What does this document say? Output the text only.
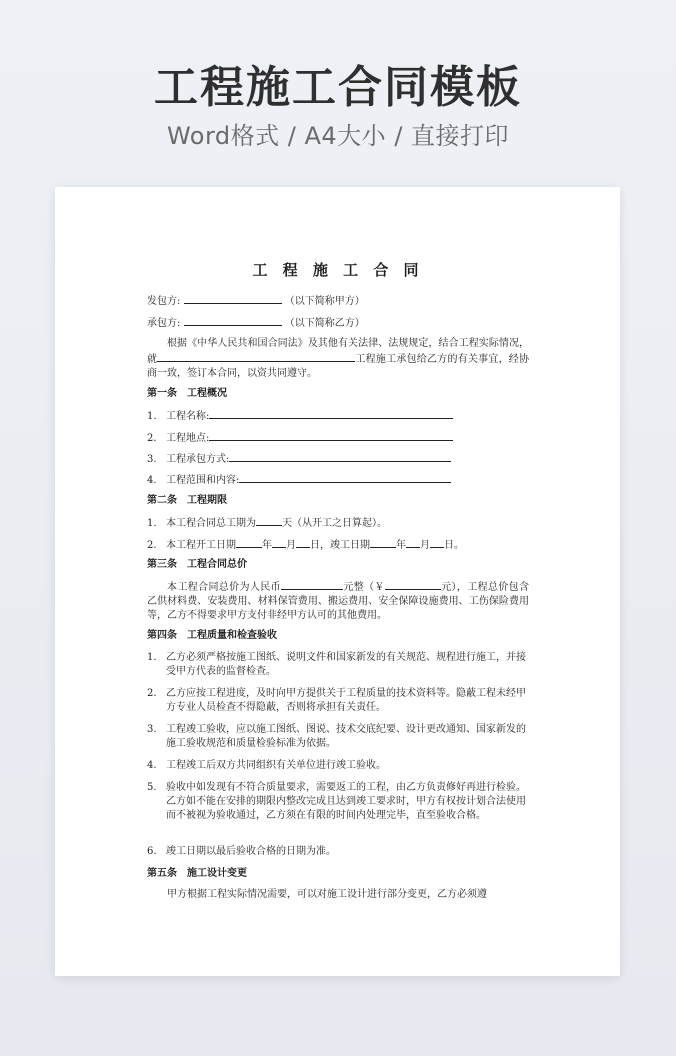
工程施工合同模板
Word格式 / A4大小 / 直接打印
工 程 施 工 合 同
发包方:	（以下简称甲方）
承包方:	（以下简称乙方）
根据《中华人民共和国合同法》及其他有关法律、法规规定，结合工程实际情况，就	工程施工承包给乙方的有关事宜，经协商一致，签订本合同，以资共同遵守。
第一条　工程概况
1. 工程名称:
2. 工程地点:
3. 工程承包方式:
4. 工程范围和内容:
第二条　工程期限
1. 本工程合同总工期为	天（从开工之日算起）。
2. 本工程开工日期	年 月 日，竣工日期	年 月 日。
第三条　工程合同总价
本工程合同总价为人民币	元整（￥	元），工程总价包含乙供材料费、安装费用、材料保管费用、搬运费用、安全保障设施费用、工伤保险费用等，乙方不得要求甲方支付非经甲方认可的其他费用。
第四条　工程质量和检查验收
1. 乙方必须严格按施工图纸、说明文件和国家新发的有关规范、规程进行施工，并接受甲方代表的监督检查。
2. 乙方应按工程进度，及时向甲方提供关于工程质量的技术资料等。隐蔽工程未经甲方专业人员检查不得隐蔽，否则将承担有关责任。
3. 工程竣工验收，应以施工图纸、图说、技术交底纪要、设计更改通知、国家新发的施工验收规范和质量检验标准为依据。
4. 工程竣工后双方共同组织有关单位进行竣工验收。
5. 验收中如发现有不符合质量要求，需要返工的工程，由乙方负责修好再进行检验。乙方如不能在安排的期限内整改完成且达到竣工要求时，甲方有权按计划合法使用而不被视为验收通过，乙方须在有限的时间内处理完毕，直至验收合格。
6. 竣工日期以最后验收合格的日期为准。
第五条　施工设计变更
甲方根据工程实际情况需要，可以对施工设计进行部分变更，乙方必须遵
